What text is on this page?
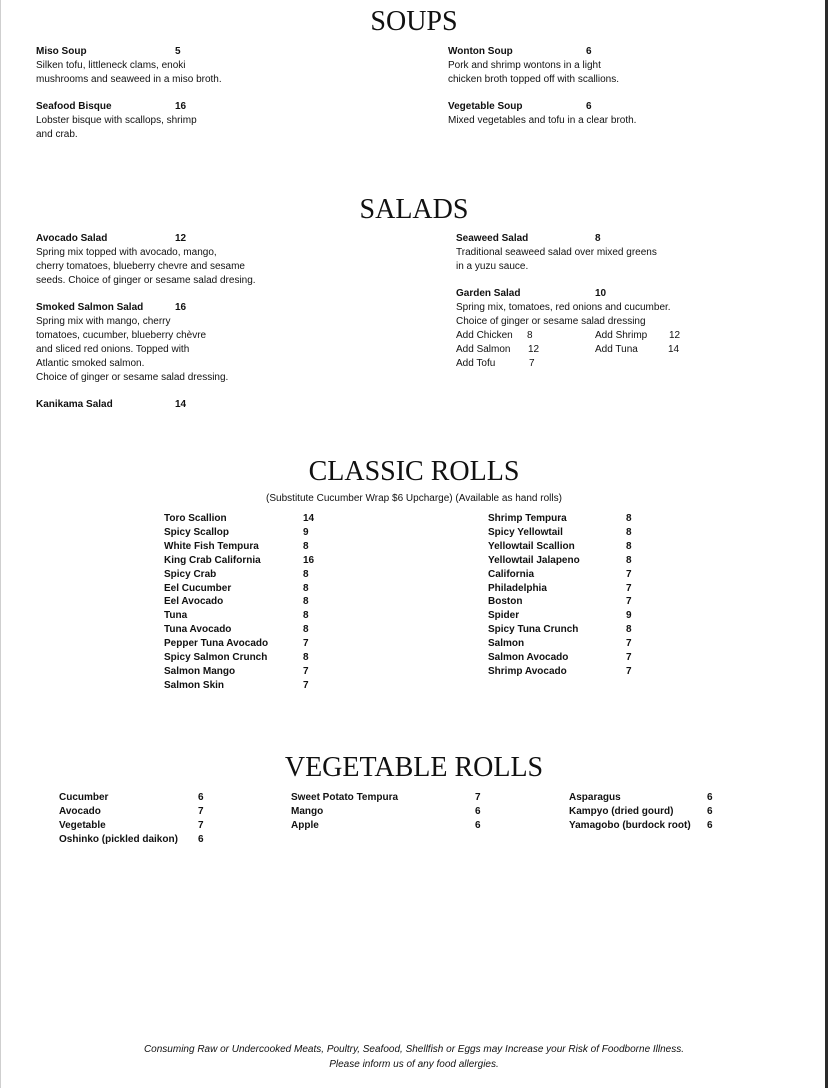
SOUPS
Miso Soup	5
Silken tofu, littleneck clams, enoki
mushrooms and seaweed in a miso broth.
Wonton Soup	6
Pork and shrimp wontons in a light
chicken broth topped off with scallions.
Seafood Bisque	16
Lobster bisque with scallops, shrimp
and crab.
Vegetable Soup	6
Mixed vegetables and tofu in a clear broth.
SALADS
Avocado Salad	12
Spring mix topped with avocado, mango,
cherry tomatoes, blueberry chevre and sesame
seeds. Choice of ginger or sesame salad dresing.
Seaweed Salad	8
Traditional seaweed salad over mixed greens
in a yuzu sauce.
Smoked Salmon Salad	16
Spring mix with mango, cherry
tomatoes, cucumber, blueberry chèvre
and sliced red onions. Topped with
Atlantic smoked salmon.
Choice of ginger or sesame salad dressing.
Garden Salad	10
Spring mix, tomatoes, red onions and cucumber.
Choice of ginger or sesame salad dressing
Add Chicken 8	Add Shrimp 12
Add Salmon 12	Add Tuna	14
Add Tofu	7
Kanikama Salad	14
CLASSIC ROLLS
(Substitute Cucumber Wrap $6 Upcharge) (Available as hand rolls)
Toro Scallion	14
Spicy Scallop	9
White Fish Tempura	8
King Crab California	16
Spicy Crab	8
Eel Cucumber	8
Eel Avocado	8
Tuna	8
Tuna Avocado	8
Pepper Tuna Avocado	7
Spicy Salmon Crunch	8
Salmon Mango	7
Salmon Skin	7
Shrimp Tempura	8
Spicy Yellowtail	8
Yellowtail Scallion	8
Yellowtail Jalapeno	8
California	7
Philadelphia	7
Boston	7
Spider	9
Spicy Tuna Crunch	8
Salmon	7
Salmon Avocado	7
Shrimp Avocado	7
VEGETABLE ROLLS
Cucumber	6
Avocado	7
Vegetable	7
Oshinko (pickled daikon) 6
Sweet Potato Tempura	7
Mango	6
Apple	6
Asparagus	6
Kampyo (dried gourd)	6
Yamagobo (burdock root) 6
Consuming Raw or Undercooked Meats, Poultry, Seafood, Shellfish or Eggs may Increase your Risk of Foodborne Illness.
Please inform us of any food allergies.
